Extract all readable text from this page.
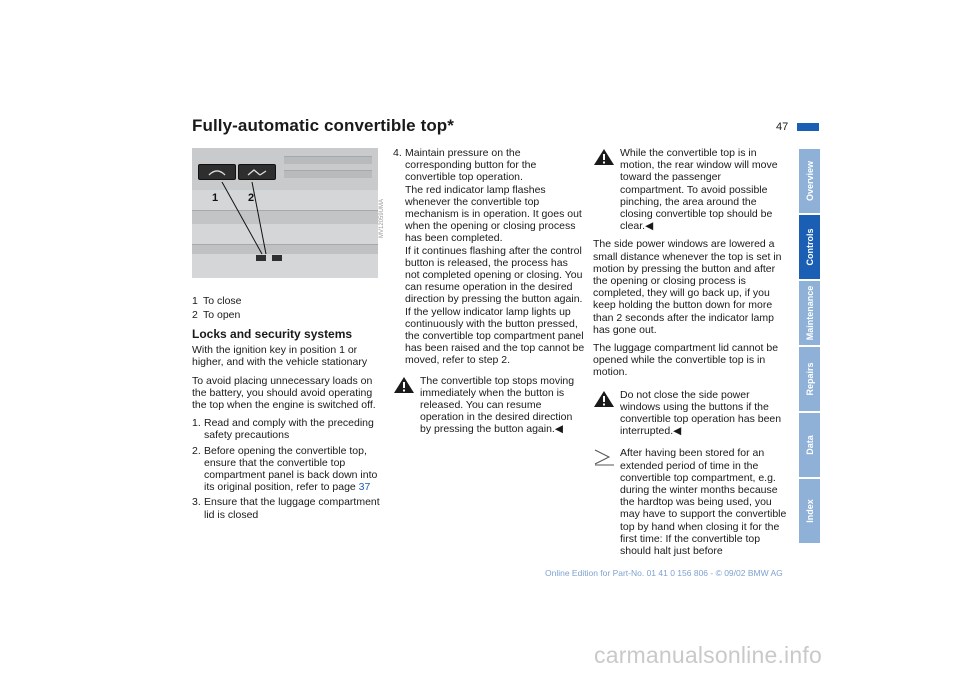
Fully-automatic convertible top*	47
1	2
MV12059UMA
1 To close
2 To open
Locks and security systems

With the ignition key in position 1 or higher, and with the vehicle stationary

To avoid placing unnecessary loads on the battery, you should avoid operating the top when the engine is switched off.

1. Read and comply with the preceding safety precautions
2. Before opening the convertible top, ensure that the convertible top compartment panel is back down into its original position, refer to page 37
3. Ensure that the luggage compartment lid is closed
4. Maintain pressure on the corresponding button for the convertible top operation.
The red indicator lamp flashes whenever the convertible top mechanism is in operation. It goes out when the opening or closing process has been completed.
If it continues flashing after the control button is released, the process has not completed opening or closing. You can resume operation in the desired direction by pressing the button again.
If the yellow indicator lamp lights up continuously with the button pressed, the convertible top compartment panel has been raised and the top cannot be moved, refer to step 2.
The convertible top stops moving immediately when the button is released. You can resume operation in the desired direction by pressing the button again.◀
While the convertible top is in motion, the rear window will move toward the passenger compartment. To avoid possible pinching, the area around the closing convertible top should be clear.◀

The side power windows are lowered a small distance whenever the top is set in motion by pressing the button and after the opening or closing process is completed, they will go back up, if you keep holding the button down for more than 2 seconds after the indicator lamp has gone out.

The luggage compartment lid cannot be opened while the convertible top is in motion.

Do not close the side power windows using the buttons if the convertible top operation has been interrupted.◀
After having been stored for an extended period of time in the convertible top compartment, e.g. during the winter months because the hardtop was being used, you may have to support the convertible top by hand when closing it for the first time: If the convertible top should halt just before
Overview
Controls
Maintenance
Repairs
Data
Index
Online Edition for Part-No. 01 41 0 156 806 - © 09/02 BMW AG
carmanualsonline.info
